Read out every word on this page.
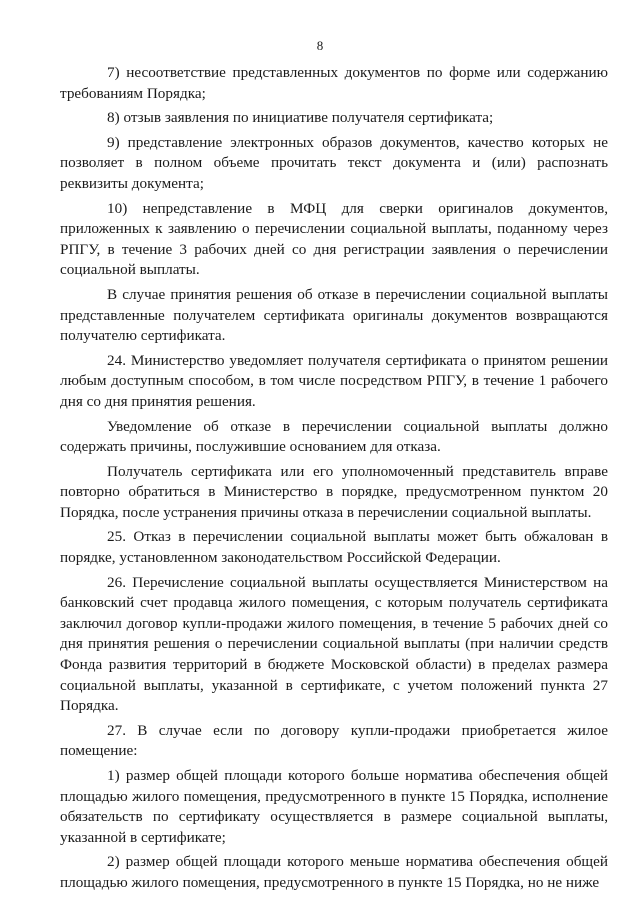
8

7) несоответствие представленных документов по форме или содержанию требованиям Порядка;

8) отзыв заявления по инициативе получателя сертификата;

9) представление электронных образов документов, качество которых не позволяет в полном объеме прочитать текст документа и (или) распознать реквизиты документа;

10) непредставление в МФЦ для сверки оригиналов документов, приложенных к заявлению о перечислении социальной выплаты, поданному через РПГУ, в течение 3 рабочих дней со дня регистрации заявления о перечислении социальной выплаты.

В случае принятия решения об отказе в перечислении социальной выплаты представленные получателем сертификата оригиналы документов возвращаются получателю сертификата.

24. Министерство уведомляет получателя сертификата о принятом решении любым доступным способом, в том числе посредством РПГУ, в течение 1 рабочего дня со дня принятия решения.

Уведомление об отказе в перечислении социальной выплаты должно содержать причины, послужившие основанием для отказа.

Получатель сертификата или его уполномоченный представитель вправе повторно обратиться в Министерство в порядке, предусмотренном пунктом 20 Порядка, после устранения причины отказа в перечислении социальной выплаты.

25. Отказ в перечислении социальной выплаты может быть обжалован в порядке, установленном законодательством Российской Федерации.

26. Перечисление социальной выплаты осуществляется Министерством на банковский счет продавца жилого помещения, с которым получатель сертификата заключил договор купли-продажи жилого помещения, в течение 5 рабочих дней со дня принятия решения о перечислении социальной выплаты (при наличии средств Фонда развития территорий в бюджете Московской области) в пределах размера социальной выплаты, указанной в сертификате, с учетом положений пункта 27 Порядка.

27. В случае если по договору купли-продажи приобретается жилое помещение:

1) размер общей площади которого больше норматива обеспечения общей площадью жилого помещения, предусмотренного в пункте 15 Порядка, исполнение обязательств по сертификату осуществляется в размере социальной выплаты, указанной в сертификате;

2) размер общей площади которого меньше норматива обеспечения общей площадью жилого помещения, предусмотренного в пункте 15 Порядка, но не ниже
